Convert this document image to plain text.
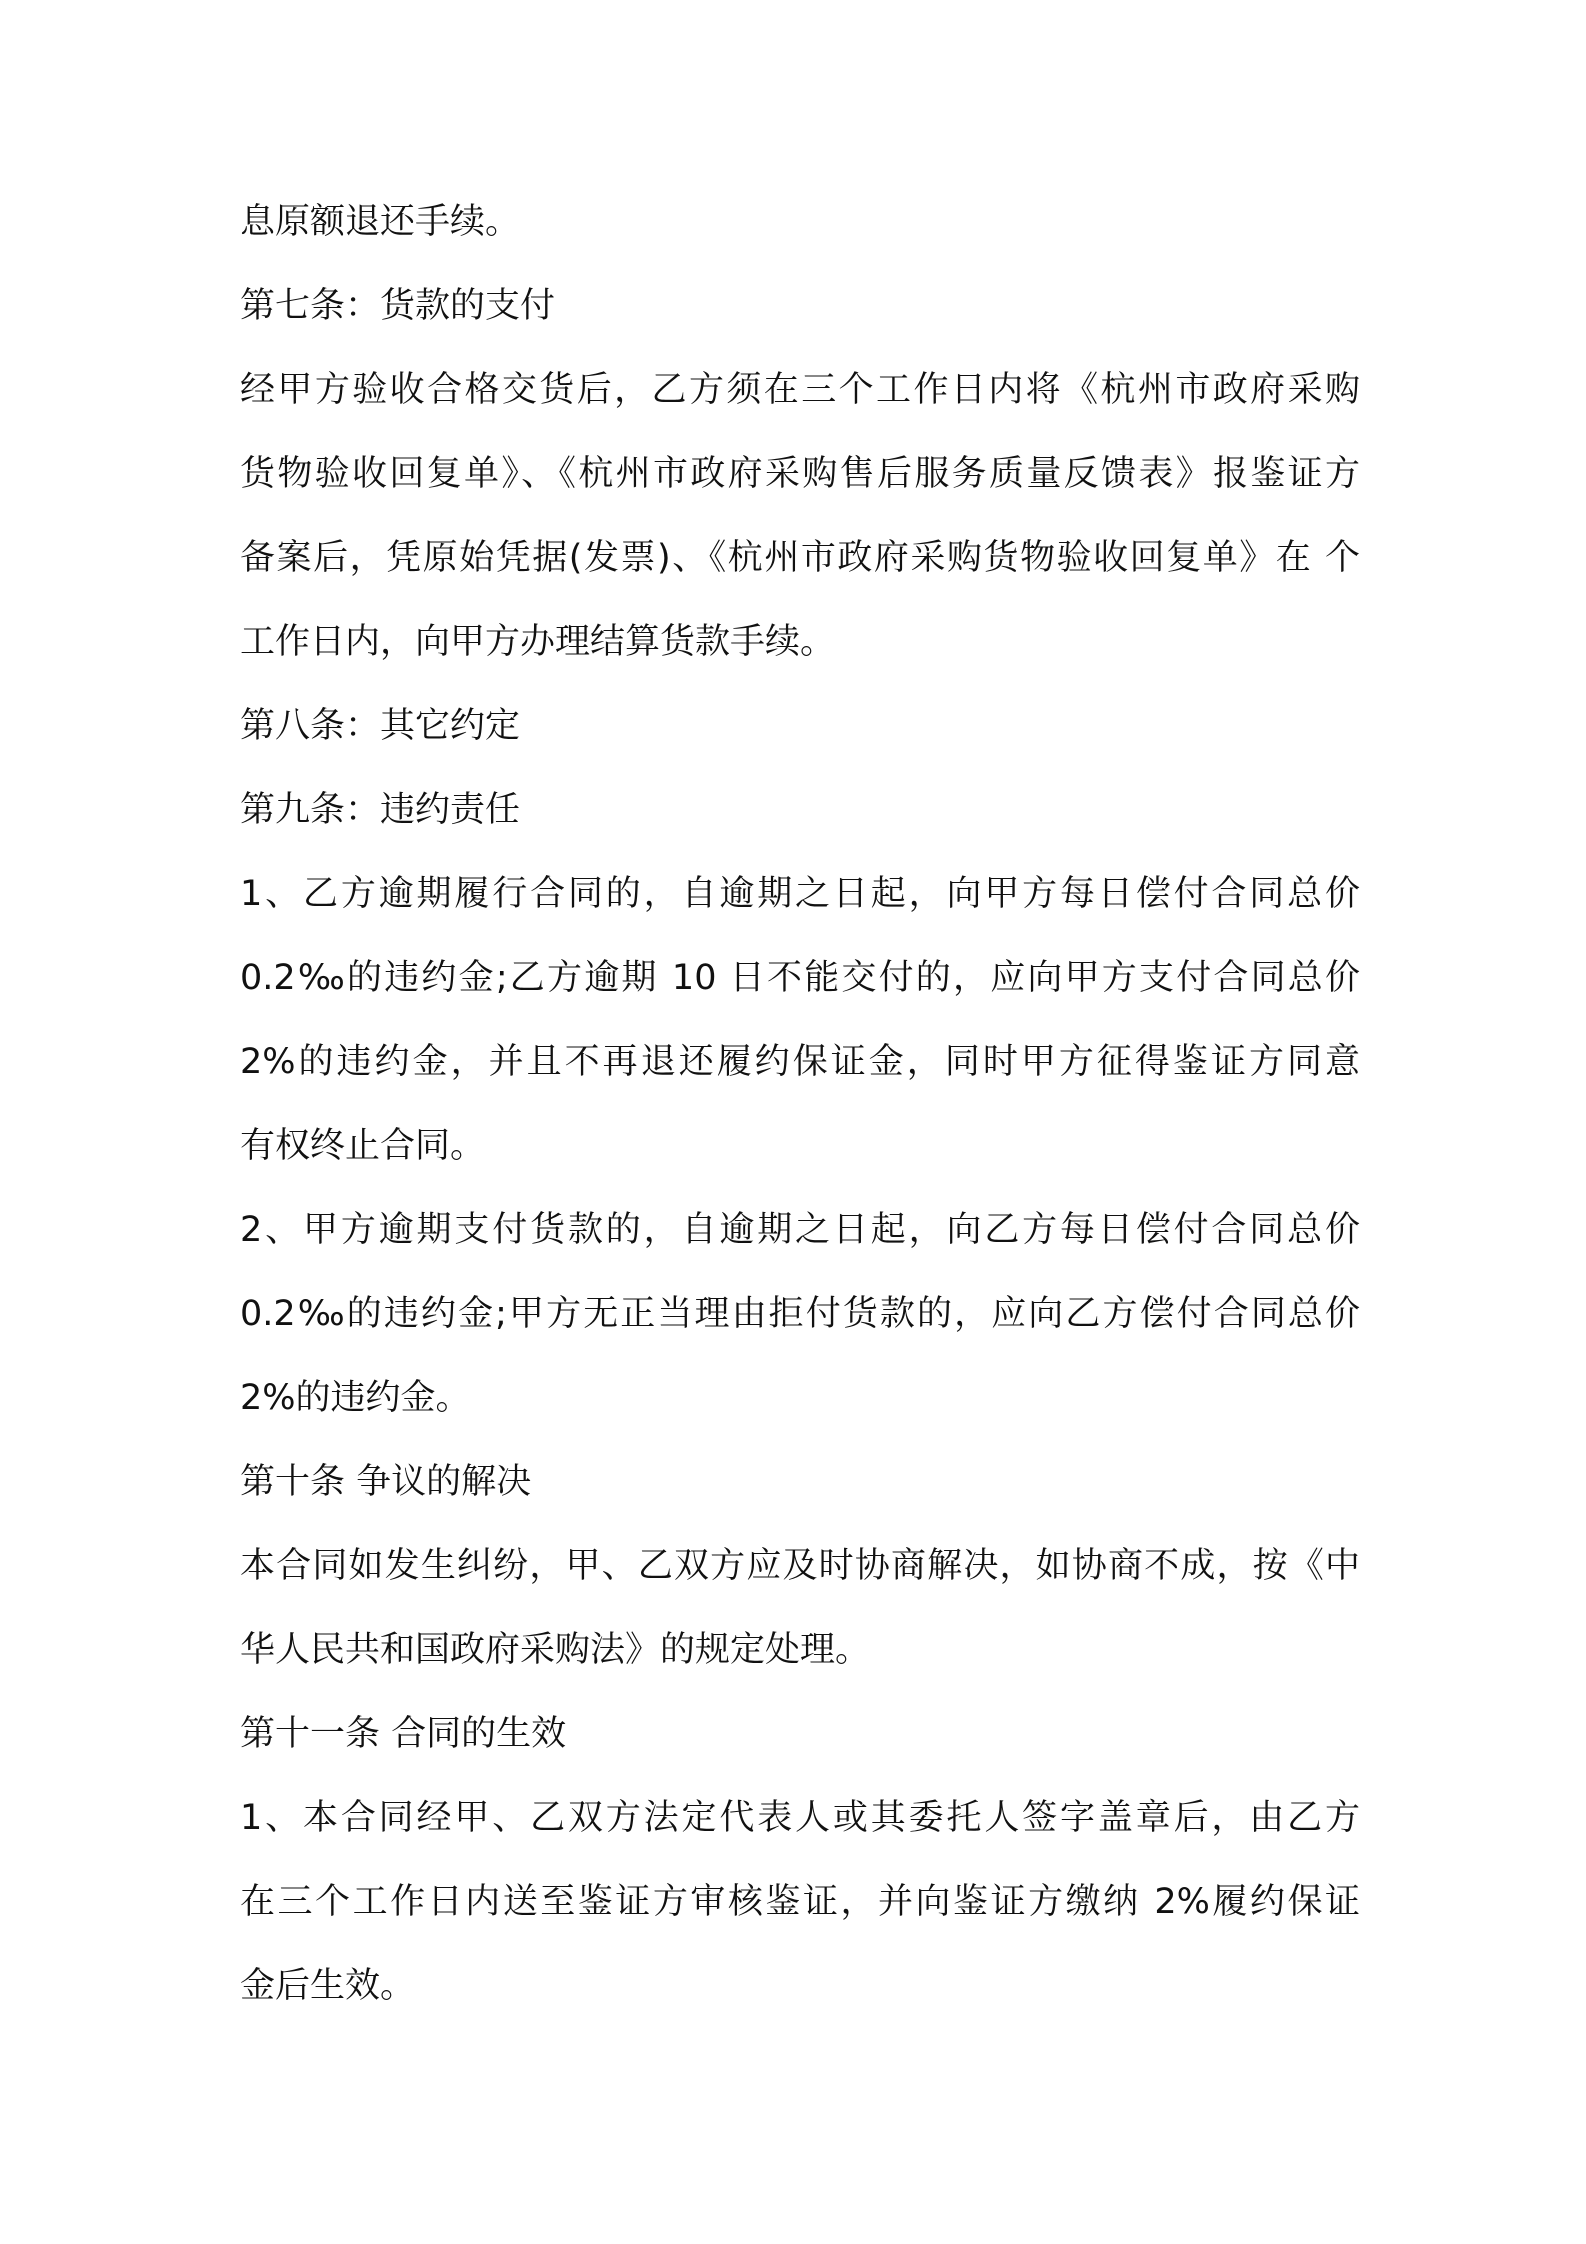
息原额退还手续。
第七条：货款的支付
经甲方验收合格交货后，乙方须在三个工作日内将《杭州市政府采购
货物验收回复单》、《杭州市政府采购售后服务质量反馈表》报鉴证方
备案后，凭原始凭据(发票)、《杭州市政府采购货物验收回复单》在 个
工作日内，向甲方办理结算货款手续。
第八条：其它约定
第九条：违约责任
1、乙方逾期履行合同的，自逾期之日起，向甲方每日偿付合同总价
0.2‰的违约金;乙方逾期 10 日不能交付的，应向甲方支付合同总价
2%的违约金，并且不再退还履约保证金，同时甲方征得鉴证方同意
有权终止合同。
2、甲方逾期支付货款的，自逾期之日起，向乙方每日偿付合同总价
0.2‰的违约金;甲方无正当理由拒付货款的，应向乙方偿付合同总价
2%的违约金。
第十条 争议的解决
本合同如发生纠纷，甲、乙双方应及时协商解决，如协商不成，按《中
华人民共和国政府采购法》的规定处理。
第十一条 合同的生效
1、本合同经甲、乙双方法定代表人或其委托人签字盖章后，由乙方
在三个工作日内送至鉴证方审核鉴证，并向鉴证方缴纳 2%履约保证
金后生效。
